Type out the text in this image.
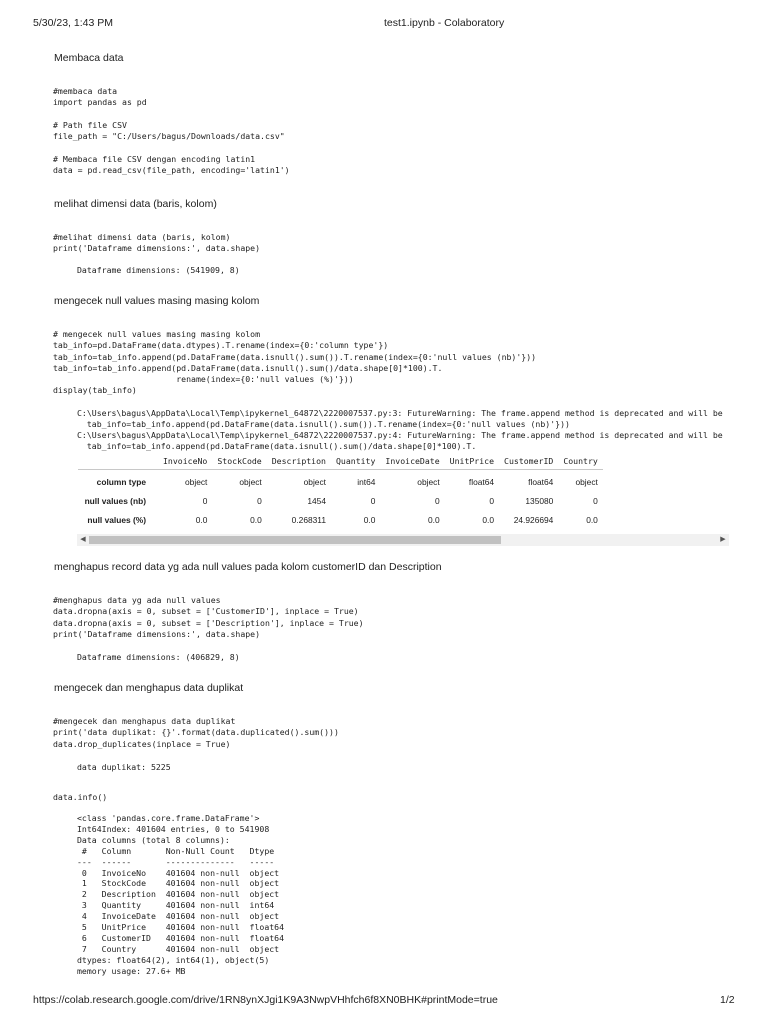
5/30/23, 1:43 PM	test1.ipynb - Colaboratory
Membaca data
#membaca data
import pandas as pd

# Path file CSV
file_path = "C:/Users/bagus/Downloads/data.csv"

# Membaca file CSV dengan encoding latin1
data = pd.read_csv(file_path, encoding='latin1')
melihat dimensi data (baris, kolom)
#melihat dimensi data (baris, kolom)
print('Dataframe dimensions:', data.shape)
Dataframe dimensions: (541909, 8)
mengecek null values masing masing kolom
# mengecek null values masing masing kolom
tab_info=pd.DataFrame(data.dtypes).T.rename(index={0:'column type'})
tab_info=tab_info.append(pd.DataFrame(data.isnull().sum()).T.rename(index={0:'null values (nb)'}))
tab_info=tab_info.append(pd.DataFrame(data.isnull().sum()/data.shape[0]*100).T.
rename(index={0:'null values (%)'}))
display(tab_info)
C:\Users\bagus\AppData\Local\Temp\ipykernel_64872\2220007537.py:3: FutureWarning: The frame.append method is deprecated and will be
tab_info=tab_info.append(pd.DataFrame(data.isnull().sum()).T.rename(index={0:'null values (nb)'}))
C:\Users\bagus\AppData\Local\Temp\ipykernel_64872\2220007537.py:4: FutureWarning: The frame.append method is deprecated and will be
tab_info=tab_info.append(pd.DataFrame(data.isnull().sum()/data.shape[0]*100).T.
	InvoiceNo	StockCode	Description	Quantity	InvoiceDate	UnitPrice	CustomerID	Country
column type	object	object	object	int64	object	float64	float64	object
null values (nb)	0	0	1454	0	0	0	135080	0
null values (%)	0.0	0.0	0.268311	0.0	0.0	0.0	24.926694	0.0
◀	▶
menghapus record data yg ada null values pada kolom customerID dan Description
#menghapus data yg ada null values
data.dropna(axis = 0, subset = ['CustomerID'], inplace = True)
data.dropna(axis = 0, subset = ['Description'], inplace = True)
print('Dataframe dimensions:', data.shape)
Dataframe dimensions: (406829, 8)
mengecek dan menghapus data duplikat
#mengecek dan menghapus data duplikat
print('data duplikat: {}'.format(data.duplicated().sum()))
data.drop_duplicates(inplace = True)
data duplikat: 5225
data.info()
<class 'pandas.core.frame.DataFrame'>
Int64Index: 401604 entries, 0 to 541908
Data columns (total 8 columns):
#   Column       Non-Null Count   Dtype
---  ------       --------------   -----
0   InvoiceNo    401604 non-null  object
1   StockCode    401604 non-null  object
2   Description  401604 non-null  object
3   Quantity     401604 non-null  int64
4   InvoiceDate  401604 non-null  object
5   UnitPrice    401604 non-null  float64
6   CustomerID   401604 non-null  float64
7   Country      401604 non-null  object
dtypes: float64(2), int64(1), object(5)
memory usage: 27.6+ MB
https://colab.research.google.com/drive/1RN8ynXJgi1K9A3NwpVHhfch6f8XN0BHK#printMode=true	1/2
